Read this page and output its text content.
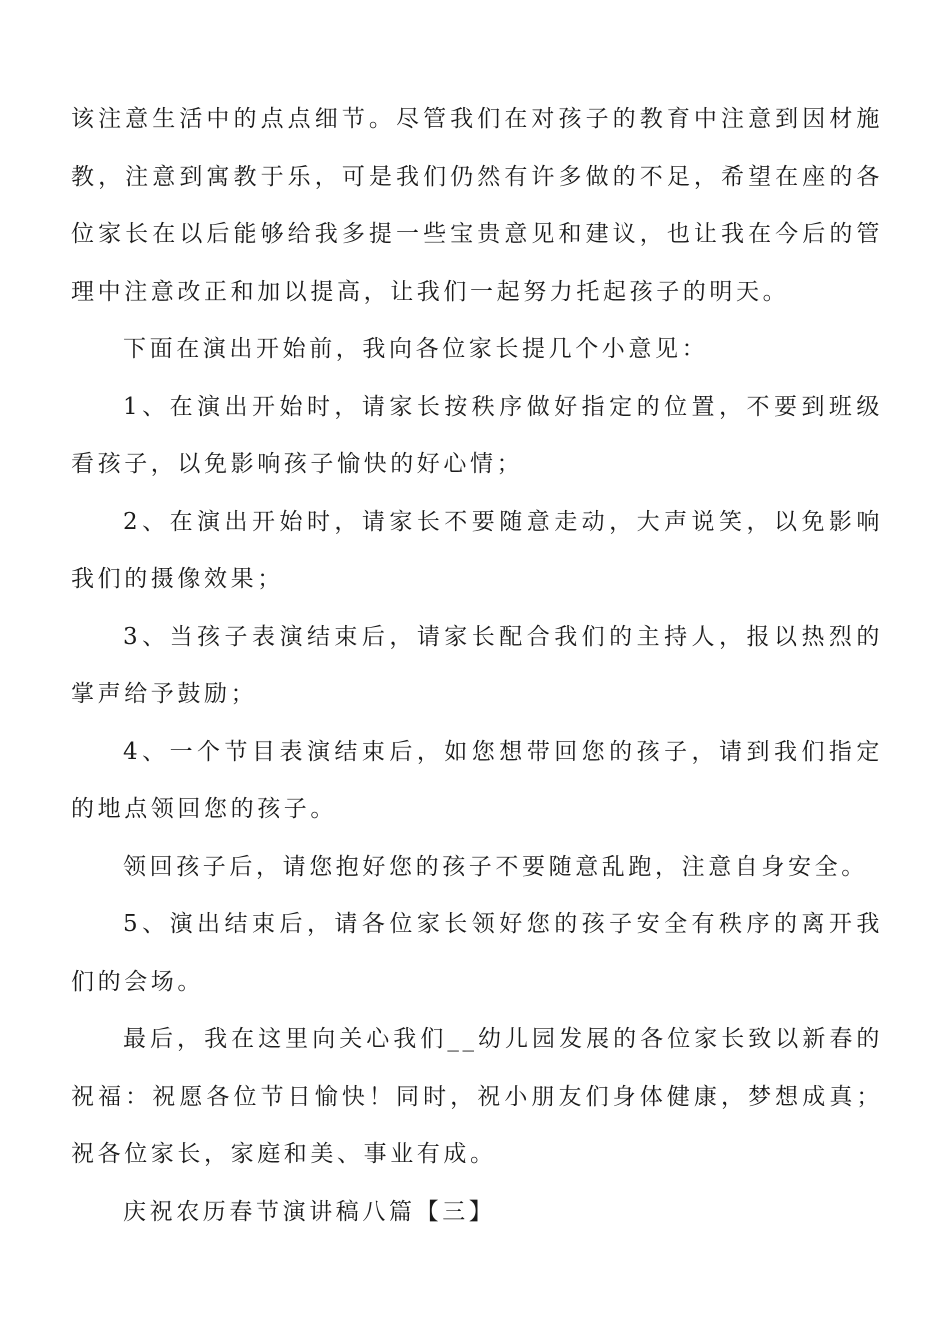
该注意生活中的点点细节。尽管我们在对孩子的教育中注意到因材施教，注意到寓教于乐，可是我们仍然有许多做的不足，希望在座的各位家长在以后能够给我多提一些宝贵意见和建议，也让我在今后的管理中注意改正和加以提高，让我们一起努力托起孩子的明天。

下面在演出开始前，我向各位家长提几个小意见：

1、在演出开始时，请家长按秩序做好指定的位置，不要到班级看孩子，以免影响孩子愉快的好心情；

2、在演出开始时，请家长不要随意走动，大声说笑，以免影响我们的摄像效果；

3、当孩子表演结束后，请家长配合我们的主持人，报以热烈的掌声给予鼓励；

4、一个节目表演结束后，如您想带回您的孩子，请到我们指定的地点领回您的孩子。

领回孩子后，请您抱好您的孩子不要随意乱跑，注意自身安全。

5、演出结束后，请各位家长领好您的孩子安全有秩序的离开我们的会场。

最后，我在这里向关心我们__幼儿园发展的各位家长致以新春的祝福：祝愿各位节日愉快！同时，祝小朋友们身体健康，梦想成真；祝各位家长，家庭和美、事业有成。

庆祝农历春节演讲稿八篇【三】
